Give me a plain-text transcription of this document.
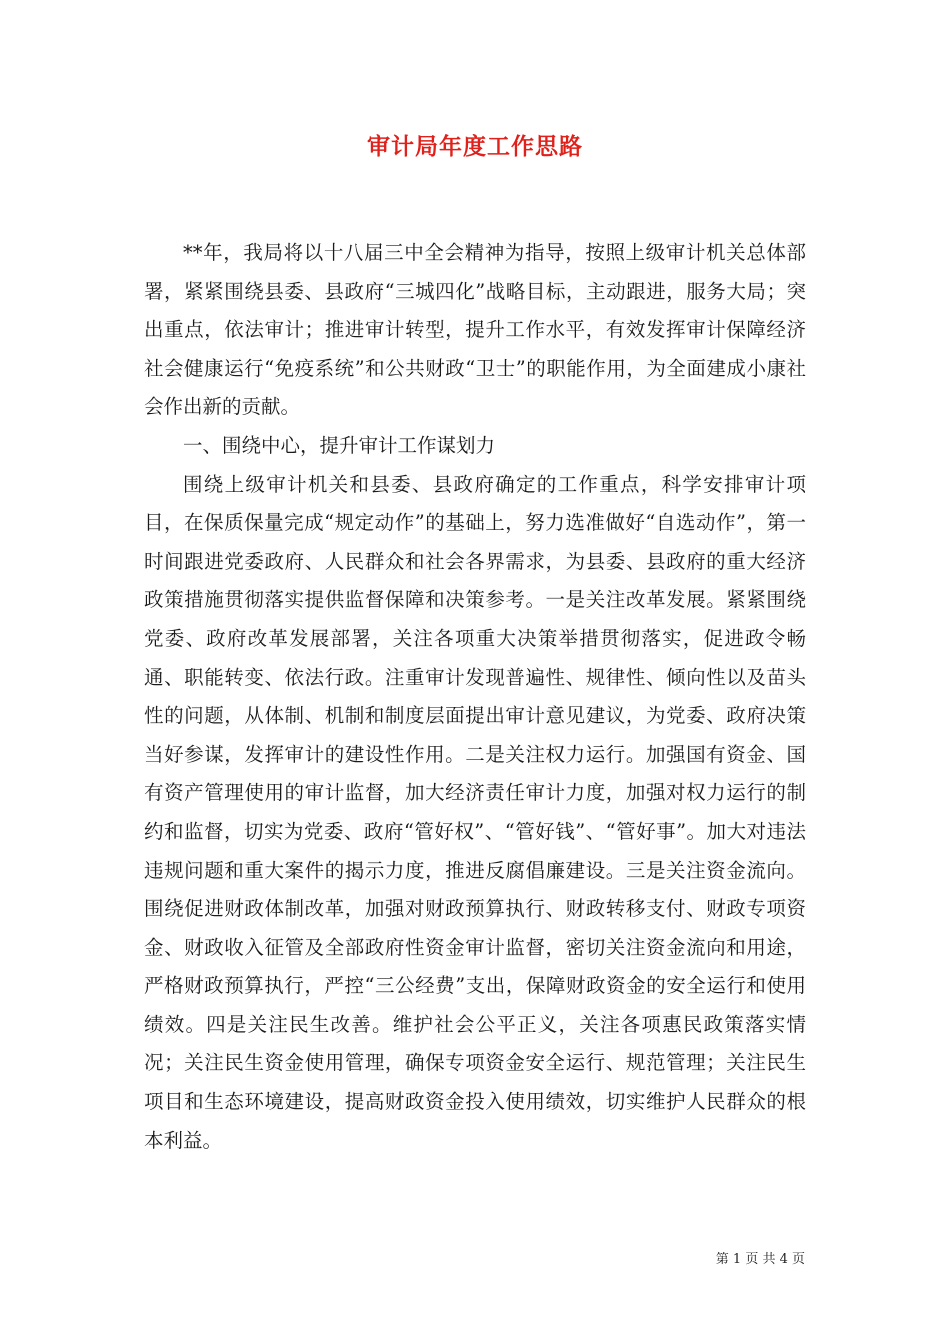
审计局年度工作思路

**年，我局将以十八届三中全会精神为指导，按照上级审计机关总体部署，紧紧围绕县委、县政府“三城四化”战略目标，主动跟进，服务大局；突出重点，依法审计；推进审计转型，提升工作水平，有效发挥审计保障经济社会健康运行“免疫系统”和公共财政“卫士”的职能作用，为全面建成小康社会作出新的贡献。

一、围绕中心，提升审计工作谋划力

围绕上级审计机关和县委、县政府确定的工作重点，科学安排审计项目，在保质保量完成“规定动作”的基础上，努力选准做好“自选动作”，第一时间跟进党委政府、人民群众和社会各界需求，为县委、县政府的重大经济政策措施贯彻落实提供监督保障和决策参考。一是关注改革发展。紧紧围绕党委、政府改革发展部署，关注各项重大决策举措贯彻落实，促进政令畅通、职能转变、依法行政。注重审计发现普遍性、规律性、倾向性以及苗头性的问题，从体制、机制和制度层面提出审计意见建议，为党委、政府决策当好参谋，发挥审计的建设性作用。二是关注权力运行。加强国有资金、国有资产管理使用的审计监督，加大经济责任审计力度，加强对权力运行的制约和监督，切实为党委、政府“管好权”、“管好钱”、“管好事”。加大对违法违规问题和重大案件的揭示力度，推进反腐倡廉建设。三是关注资金流向。围绕促进财政体制改革，加强对财政预算执行、财政转移支付、财政专项资金、财政收入征管及全部政府性资金审计监督，密切关注资金流向和用途，严格财政预算执行，严控“三公经费”支出，保障财政资金的安全运行和使用绩效。四是关注民生改善。维护社会公平正义，关注各项惠民政策落实情况；关注民生资金使用管理，确保专项资金安全运行、规范管理；关注民生项目和生态环境建设，提高财政资金投入使用绩效，切实维护人民群众的根本利益。

第 1 页 共 4 页
